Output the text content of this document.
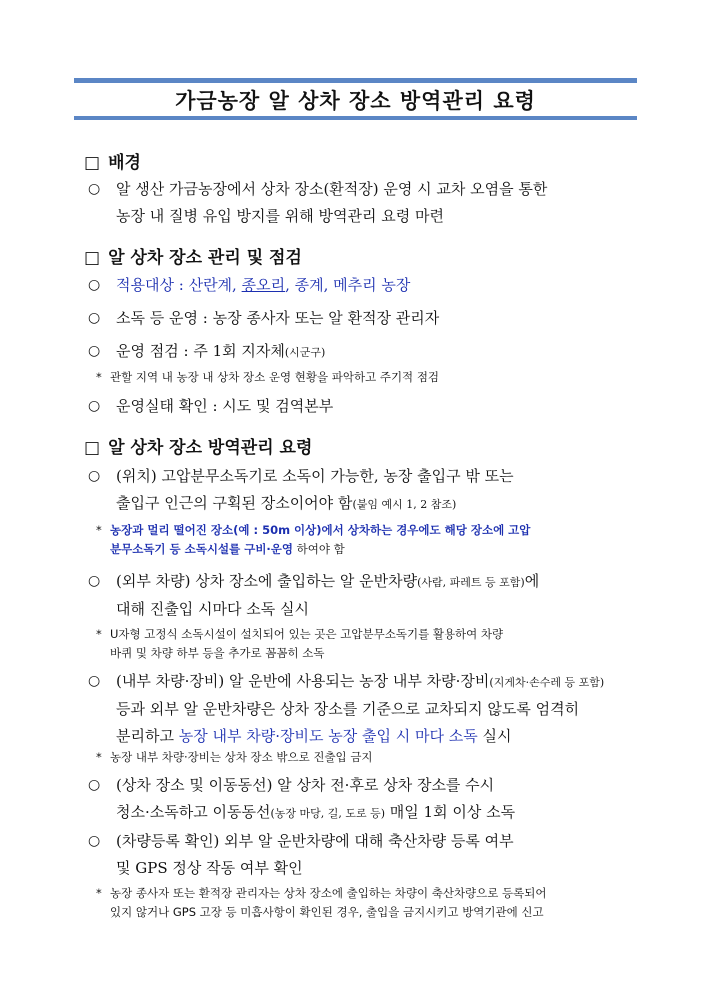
가금농장 알 상차 장소 방역관리 요령
□ 배경
○ 알 생산 가금농장에서 상차 장소(환적장) 운영 시 교차 오염을 통한
농장 내 질병 유입 방지를 위해 방역관리 요령 마련
□ 알 상차 장소 관리 및 점검
○ 적용대상 : 산란계, 종오리, 종계, 메추리 농장
○ 소독 등 운영 : 농장 종사자 또는 알 환적장 관리자
○ 운영 점검 : 주 1회 지자체(시군구)
* 관할 지역 내 농장 내 상차 장소 운영 현황을 파악하고 주기적 점검
○ 운영실태 확인 : 시도 및 검역본부
□ 알 상차 장소 방역관리 요령
○ (위치) 고압분무소독기로 소독이 가능한, 농장 출입구 밖 또는
출입구 인근의 구획된 장소이어야 함(붙임 예시 1, 2 참조)
* 농장과 멀리 떨어진 장소(예 : 50m 이상)에서 상차하는 경우에도 해당 장소에 고압
분무소독기 등 소독시설를 구비·운영 하여야 함
○ (외부 차량) 상차 장소에 출입하는 알 운반차량(사람, 파레트 등 포함)에
대해 진출입 시마다 소독 실시
* U자형 고정식 소독시설이 설치되어 있는 곳은 고압분무소독기를 활용하여 차량
바퀴 및 차량 하부 등을 추가로 꼼꼼히 소독
○ (내부 차량·장비) 알 운반에 사용되는 농장 내부 차량·장비(지게차·손수레 등 포함)
등과 외부 알 운반차량은 상차 장소를 기준으로 교차되지 않도록 엄격히
분리하고 농장 내부 차량·장비도 농장 출입 시 마다 소독 실시
* 농장 내부 차량·장비는 상차 장소 밖으로 진출입 금지
○ (상차 장소 및 이동동선) 알 상차 전·후로 상차 장소를 수시
청소·소독하고 이동동선(농장 마당, 길, 도로 등) 매일 1회 이상 소독
○ (차량등록 확인) 외부 알 운반차량에 대해 축산차량 등록 여부
및 GPS 정상 작동 여부 확인
* 농장 종사자 또는 환적장 관리자는 상차 장소에 출입하는 차량이 축산차량으로 등록되어
있지 않거나 GPS 고장 등 미흡사항이 확인된 경우, 출입을 금지시키고 방역기관에 신고
